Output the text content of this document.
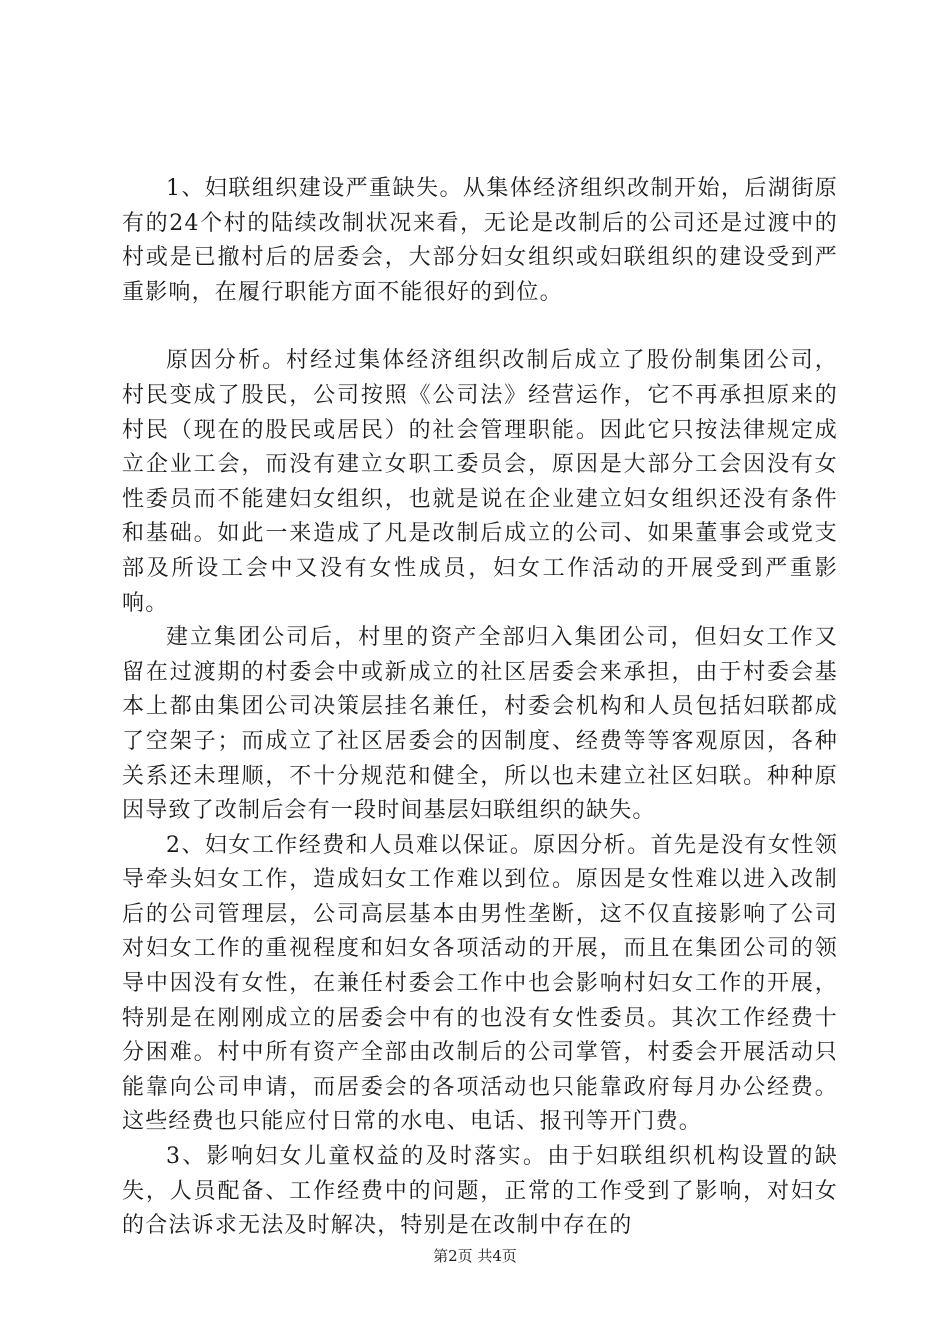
1、妇联组织建设严重缺失。从集体经济组织改制开始，后湖街原有的24个村的陆续改制状况来看，无论是改制后的公司还是过渡中的村或是已撤村后的居委会，大部分妇女组织或妇联组织的建设受到严重影响，在履行职能方面不能很好的到位。

原因分析。村经过集体经济组织改制后成立了股份制集团公司，村民变成了股民，公司按照《公司法》经营运作，它不再承担原来的村民（现在的股民或居民）的社会管理职能。因此它只按法律规定成立企业工会，而没有建立女职工委员会，原因是大部分工会因没有女性委员而不能建妇女组织，也就是说在企业建立妇女组织还没有条件和基础。如此一来造成了凡是改制后成立的公司、如果董事会或党支部及所设工会中又没有女性成员，妇女工作活动的开展受到严重影响。

建立集团公司后，村里的资产全部归入集团公司，但妇女工作又留在过渡期的村委会中或新成立的社区居委会来承担，由于村委会基本上都由集团公司决策层挂名兼任，村委会机构和人员包括妇联都成了空架子；而成立了社区居委会的因制度、经费等等客观原因，各种关系还未理顺，不十分规范和健全，所以也未建立社区妇联。种种原因导致了改制后会有一段时间基层妇联组织的缺失。

2、妇女工作经费和人员难以保证。原因分析。首先是没有女性领导牵头妇女工作，造成妇女工作难以到位。原因是女性难以进入改制后的公司管理层，公司高层基本由男性垄断，这不仅直接影响了公司对妇女工作的重视程度和妇女各项活动的开展，而且在集团公司的领导中因没有女性，在兼任村委会工作中也会影响村妇女工作的开展，特别是在刚刚成立的居委会中有的也没有女性委员。其次工作经费十分困难。村中所有资产全部由改制后的公司掌管，村委会开展活动只能靠向公司申请，而居委会的各项活动也只能靠政府每月办公经费。这些经费也只能应付日常的水电、电话、报刊等开门费。

3、影响妇女儿童权益的及时落实。由于妇联组织机构设置的缺失，人员配备、工作经费中的问题，正常的工作受到了影响，对妇女的合法诉求无法及时解决，特别是在改制中存在的

第2页 共4页
